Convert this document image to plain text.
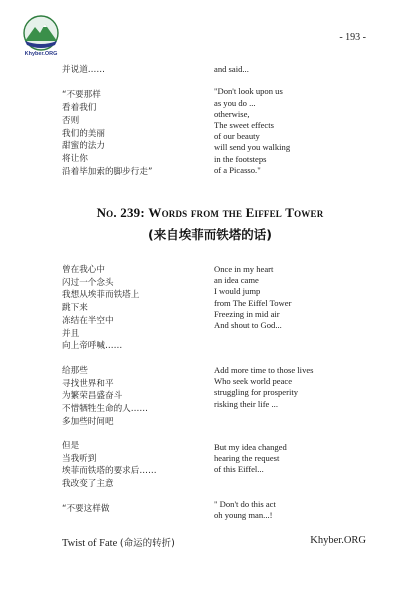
Khyber.ORG
- 193 -
并说道……

“不要那样
看着我们
否则
我们的美丽
甜蜜的法力
将让你
沿着毕加索的脚步行走”
and said...

"Don't look upon us
as you do ...
otherwise,
The sweet effects
of our beauty
will send you walking
in the footsteps
of a Picasso."
No. 239: Words from the Eiffel Tower
(来自埃菲而铁塔的话)
曾在我心中
闪过一个念头
我想从埃菲而铁塔上
跳下来
冻结在半空中
并且
向上帝呼喊……
Once in my heart
an idea came
I would jump
from The Eiffel Tower
Freezing in mid air
And shout to God...
给那些
寻找世界和平
为繁荣昌盛奋斗
不惜牺牲生命的人……
多加些时间吧
Add more time to those lives
Who seek world peace
struggling for prosperity
risking their life ...
但是
当我听到
埃菲而铁塔的要求后……
我改变了主意
But my idea changed
hearing the request
of this Eiffel...
“不要这样做	" Don't do this act
oh young man...!
Twist of Fate (命运的转折)	Khyber.ORG
